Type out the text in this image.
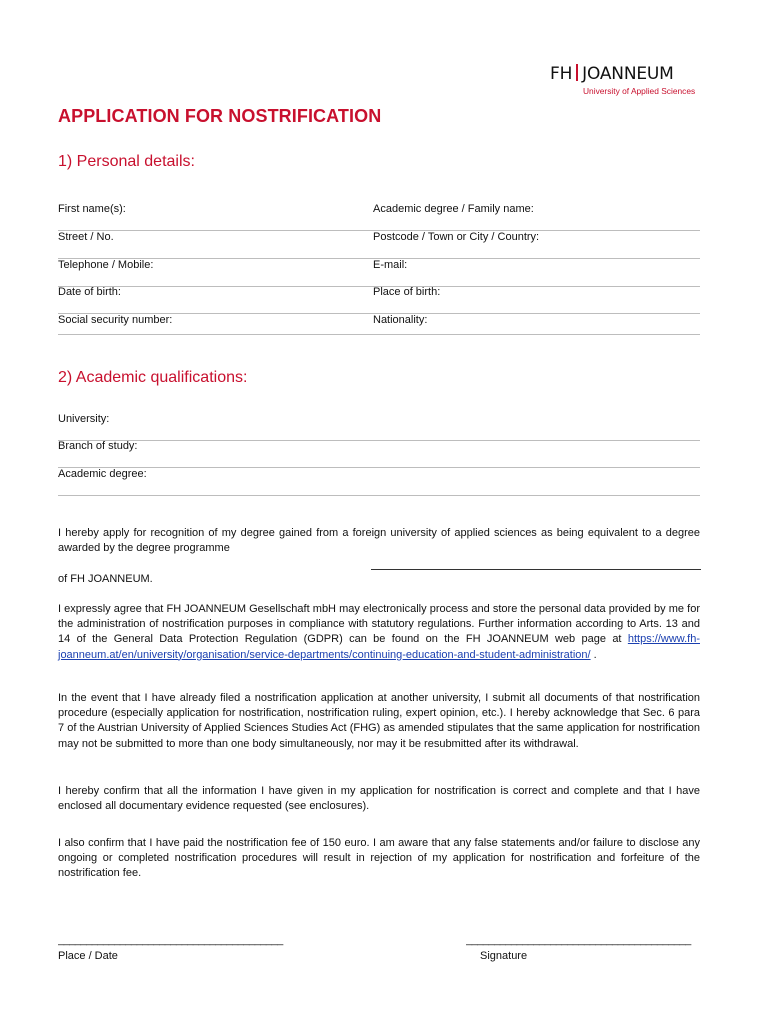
FH JOANNEUM
University of Applied Sciences
APPLICATION FOR NOSTRIFICATION
1) Personal details:
First name(s):	Academic degree / Family name:
Street / No.	Postcode / Town or City / Country:
Telephone / Mobile:	E-mail:
Date of birth:	Place of birth:
Social security number:	Nationality:
2) Academic qualifications:
University:
Branch of study:
Academic degree:
I hereby apply for recognition of my degree gained from a foreign university of applied sciences as being equivalent to a degree awarded by the degree programme
of FH JOANNEUM.
I expressly agree that FH JOANNEUM Gesellschaft mbH may electronically process and store the personal data provided by me for the administration of nostrification purposes in compliance with statutory regulations. Further information according to Arts. 13 and 14 of the General Data Protection Regulation (GDPR) can be found on the FH JOANNEUM web page at https://www.fh-joanneum.at/en/university/organisation/service-departments/continuing-education-and-student-administration/ .
In the event that I have already filed a nostrification application at another university, I submit all documents of that nostrification procedure (especially application for nostrification, nostrification ruling, expert opinion, etc.). I hereby acknowledge that Sec. 6 para 7 of the Austrian University of Applied Sciences Studies Act (FHG) as amended stipulates that the same application for nostrification may not be submitted to more than one body simultaneously, nor may it be resubmitted after its withdrawal.
I hereby confirm that all the information I have given in my application for nostrification is correct and complete and that I have enclosed all documentary evidence requested (see enclosures).
I also confirm that I have paid the nostrification fee of 150 euro. I am aware that any false statements and/or failure to disclose any ongoing or completed nostrification procedures will result in rejection of my application for nostrification and forfeiture of the nostrification fee.
________________________________________	________________________________________
Place / Date	Signature
